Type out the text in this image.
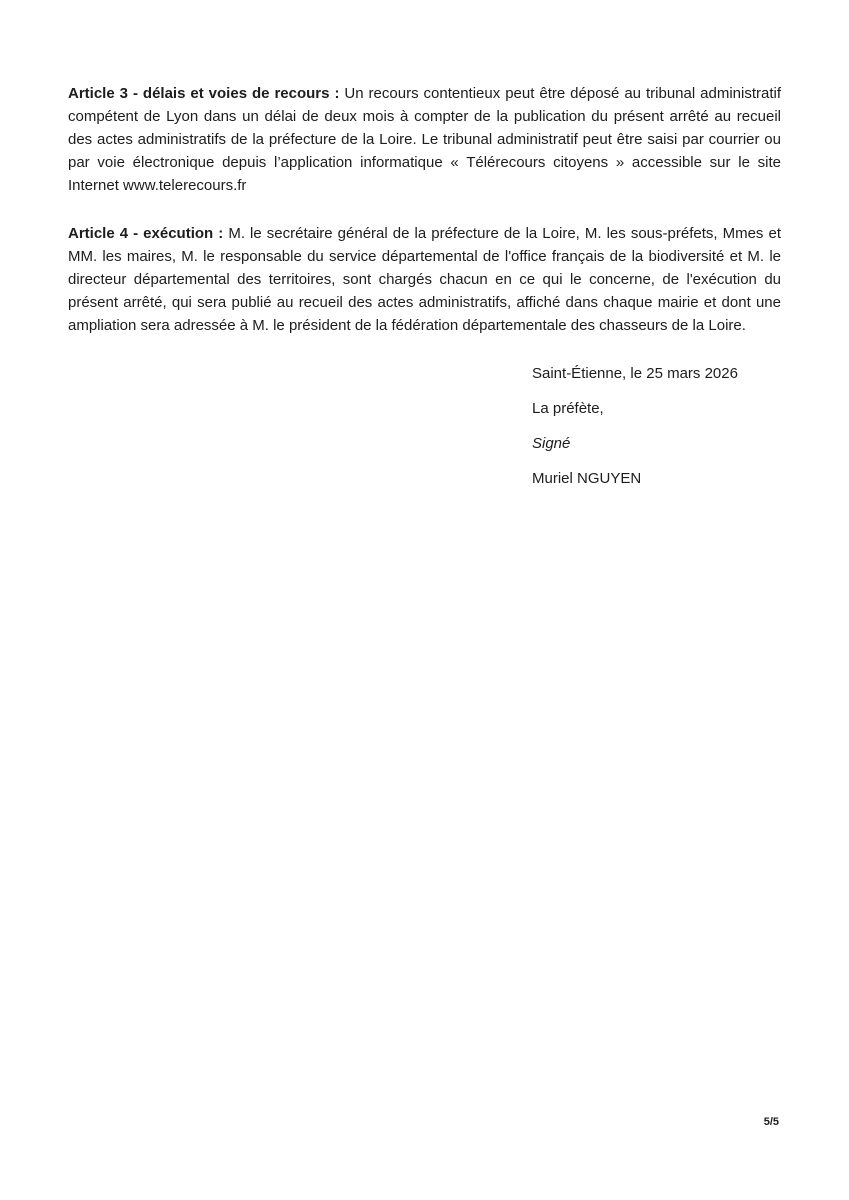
Article 3 - délais et voies de recours : Un recours contentieux peut être déposé au tribunal administratif compétent de Lyon dans un délai de deux mois à compter de la publication du présent arrêté au recueil des actes administratifs de la préfecture de la Loire. Le tribunal administratif peut être saisi par courrier ou par voie électronique depuis l’application informatique « Télérecours citoyens » accessible sur le site Internet www.telerecours.fr

Article 4 - exécution : M. le secrétaire général de la préfecture de la Loire, M. les sous-préfets, Mmes et MM. les maires, M. le responsable du service départemental de l'office français de la biodiversité et M. le directeur départemental des territoires, sont chargés chacun en ce qui le concerne, de l'exécution du présent arrêté, qui sera publié au recueil des actes administratifs, affiché dans chaque mairie et dont une ampliation sera adressée à M. le président de la fédération départementale des chasseurs de la Loire.

Saint-Étienne, le 25 mars 2026

La préfète,

Signé

Muriel NGUYEN

5/5
